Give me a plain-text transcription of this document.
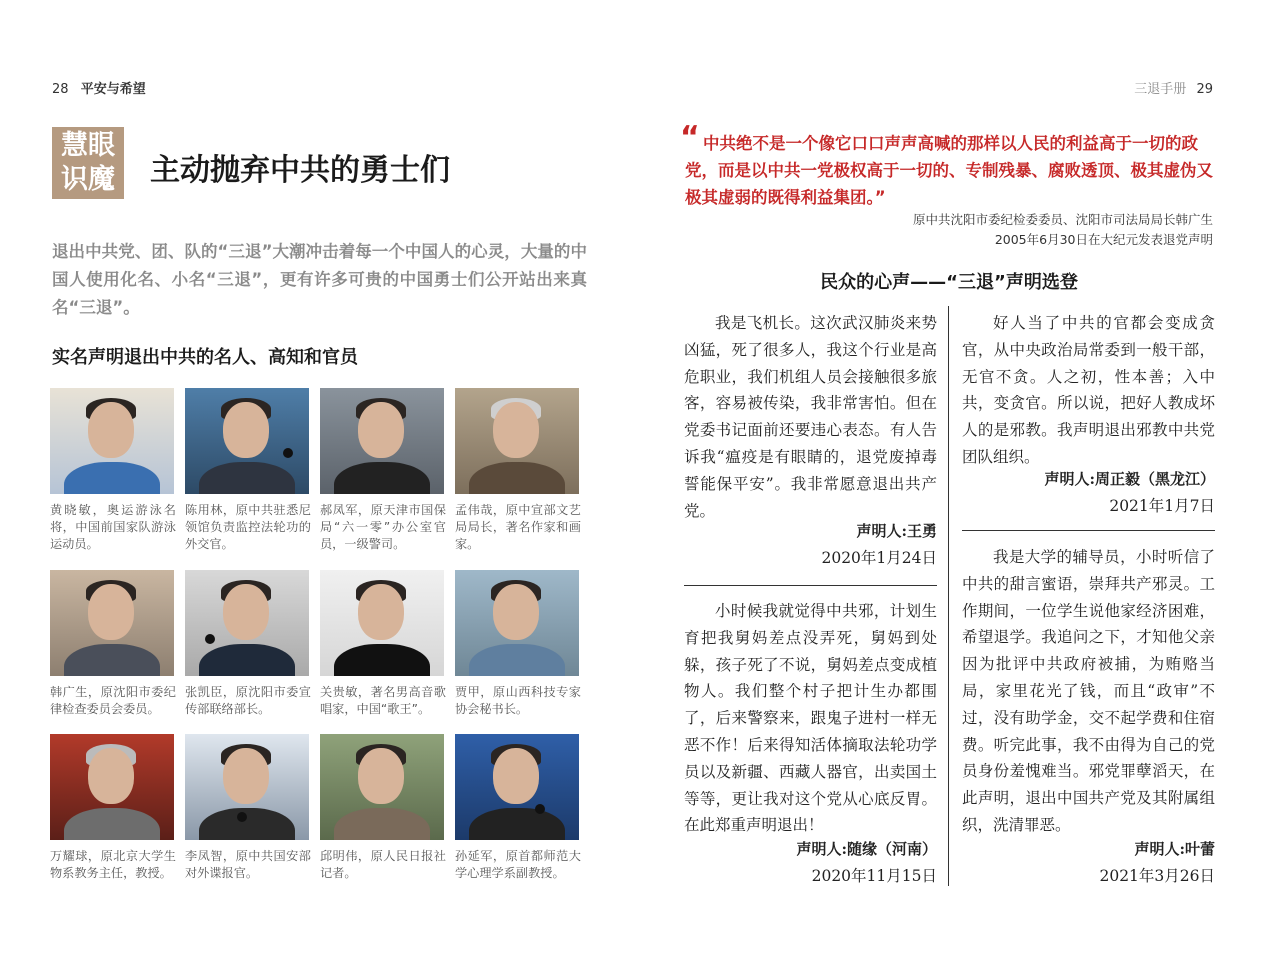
28 平安与希望	三退手册 29
慧眼
识魔	主动抛弃中共的勇士们
退出中共党、团、队的“三退”大潮冲击着每一个中国人的心灵，大量的中国人使用化名、小名“三退”，更有许多可贵的中国勇士们公开站出来真名“三退”。
实名声明退出中共的名人、高知和官员
黄晓敏，奥运游泳名将，中国前国家队游泳运动员。
陈用林，原中共驻悉尼领馆负责监控法轮功的外交官。
郝凤军，原天津市国保局“六一零”办公室官员，一级警司。
孟伟哉，原中宣部文艺局局长，著名作家和画家。
韩广生，原沈阳市委纪律检查委员会委员。
张凯臣，原沈阳市委宣传部联络部长。
关贵敏，著名男高音歌唱家，中国“歌王”。
贾甲，原山西科技专家协会秘书长。
万耀球，原北京大学生物系教务主任，教授。
李凤智，原中共国安部对外谍报官。
邱明伟，原人民日报社记者。
孙延军，原首都师范大学心理学系副教授。
“ 中共绝不是一个像它口口声声高喊的那样以人民的利益高于一切的政党，而是以中共一党极权高于一切的、专制残暴、腐败透顶、极其虚伪又极其虚弱的既得利益集团。”
原中共沈阳市委纪检委委员、沈阳市司法局局长韩广生
2005年6月30日在大纪元发表退党声明
民众的心声——“三退”声明选登

我是飞机长。这次武汉肺炎来势凶猛，死了很多人，我这个行业是高危职业，我们机组人员会接触很多旅客，容易被传染，我非常害怕。但在党委书记面前还要违心表态。有人告诉我“瘟疫是有眼睛的，退党废掉毒誓能保平安”。我非常愿意退出共产党。

声明人:王勇
2020年1月24日

小时候我就觉得中共邪，计划生育把我舅妈差点没弄死，舅妈到处躲，孩子死了不说，舅妈差点变成植物人。我们整个村子把计生办都围了，后来警察来，跟鬼子进村一样无恶不作！后来得知活体摘取法轮功学员以及新疆、西藏人器官，出卖国土等等，更让我对这个党从心底反胃。在此郑重声明退出！

声明人:随缘（河南）
2020年11月15日

好人当了中共的官都会变成贪官，从中央政治局常委到一般干部，无官不贪。人之初，性本善；入中共，变贪官。所以说，把好人教成坏人的是邪教。我声明退出邪教中共党团队组织。

声明人:周正毅（黑龙江）
2021年1月7日

我是大学的辅导员，小时听信了中共的甜言蜜语，崇拜共产邪灵。工作期间，一位学生说他家经济困难，希望退学。我追问之下，才知他父亲因为批评中共政府被捕，为贿赂当局，家里花光了钱，而且“政审”不过，没有助学金，交不起学费和住宿费。听完此事，我不由得为自己的党员身份羞愧难当。邪党罪孽滔天，在此声明，退出中国共产党及其附属组织，洗清罪恶。

声明人:叶蕾
2021年3月26日
